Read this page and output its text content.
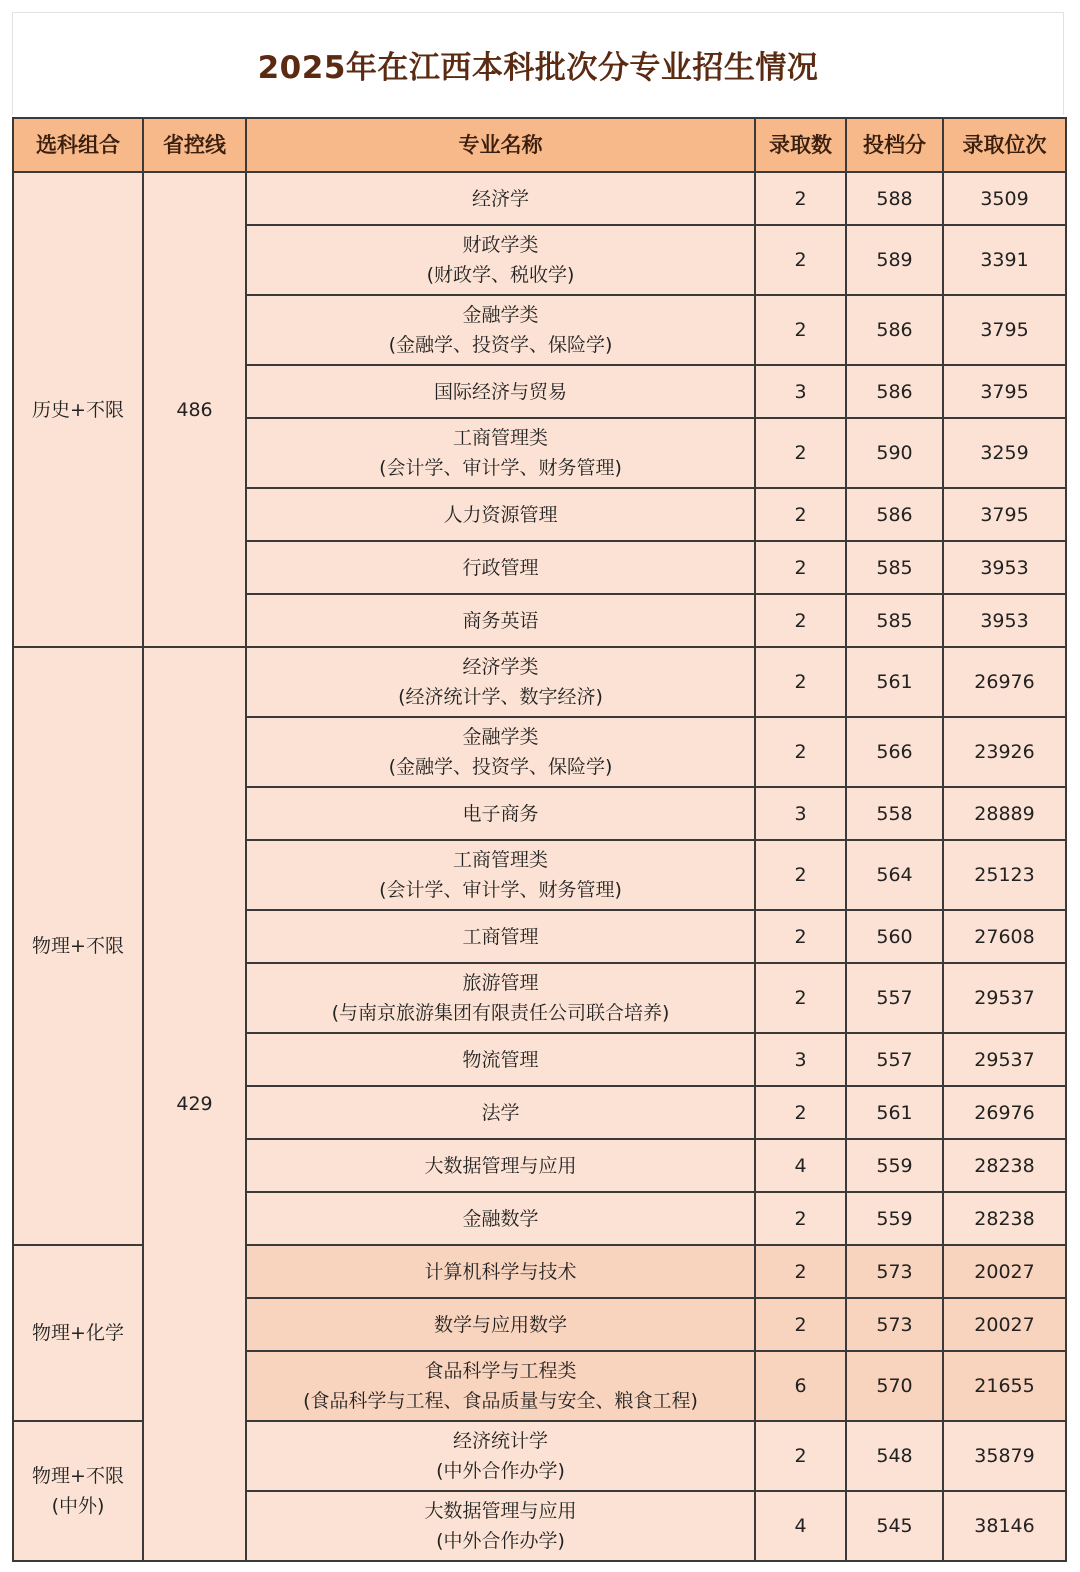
2025年在江西本科批次分专业招生情况
选科组合	省控线	专业名称	录取数	投档分	录取位次

历史+不限	486	经济学	2	588	3509

		财政学类
(财政学、税收学)	2	589	3391

		金融学类
(金融学、投资学、保险学)	2	586	3795

		国际经济与贸易	3	586	3795

		工商管理类
(会计学、审计学、财务管理)	2	590	3259

		人力资源管理	2	586	3795

		行政管理	2	585	3953

		商务英语	2	585	3953

物理+不限	429	经济学类
(经济统计学、数字经济)	2	561	26976

		金融学类
(金融学、投资学、保险学)	2	566	23926

		电子商务	3	558	28889

		工商管理类
(会计学、审计学、财务管理)	2	564	25123

		工商管理	2	560	27608

		旅游管理
(与南京旅游集团有限责任公司联合培养)	2	557	29537

		物流管理	3	557	29537

		法学	2	561	26976

		大数据管理与应用	4	559	28238

		金融数学	2	559	28238

物理+化学		计算机科学与技术	2	573	20027

		数学与应用数学	2	573	20027

		食品科学与工程类
(食品科学与工程、食品质量与安全、粮食工程)	6	570	21655

物理+不限
(中外)		经济统计学
(中外合作办学)	2	548	35879

		大数据管理与应用
(中外合作办学)	4	545	38146
